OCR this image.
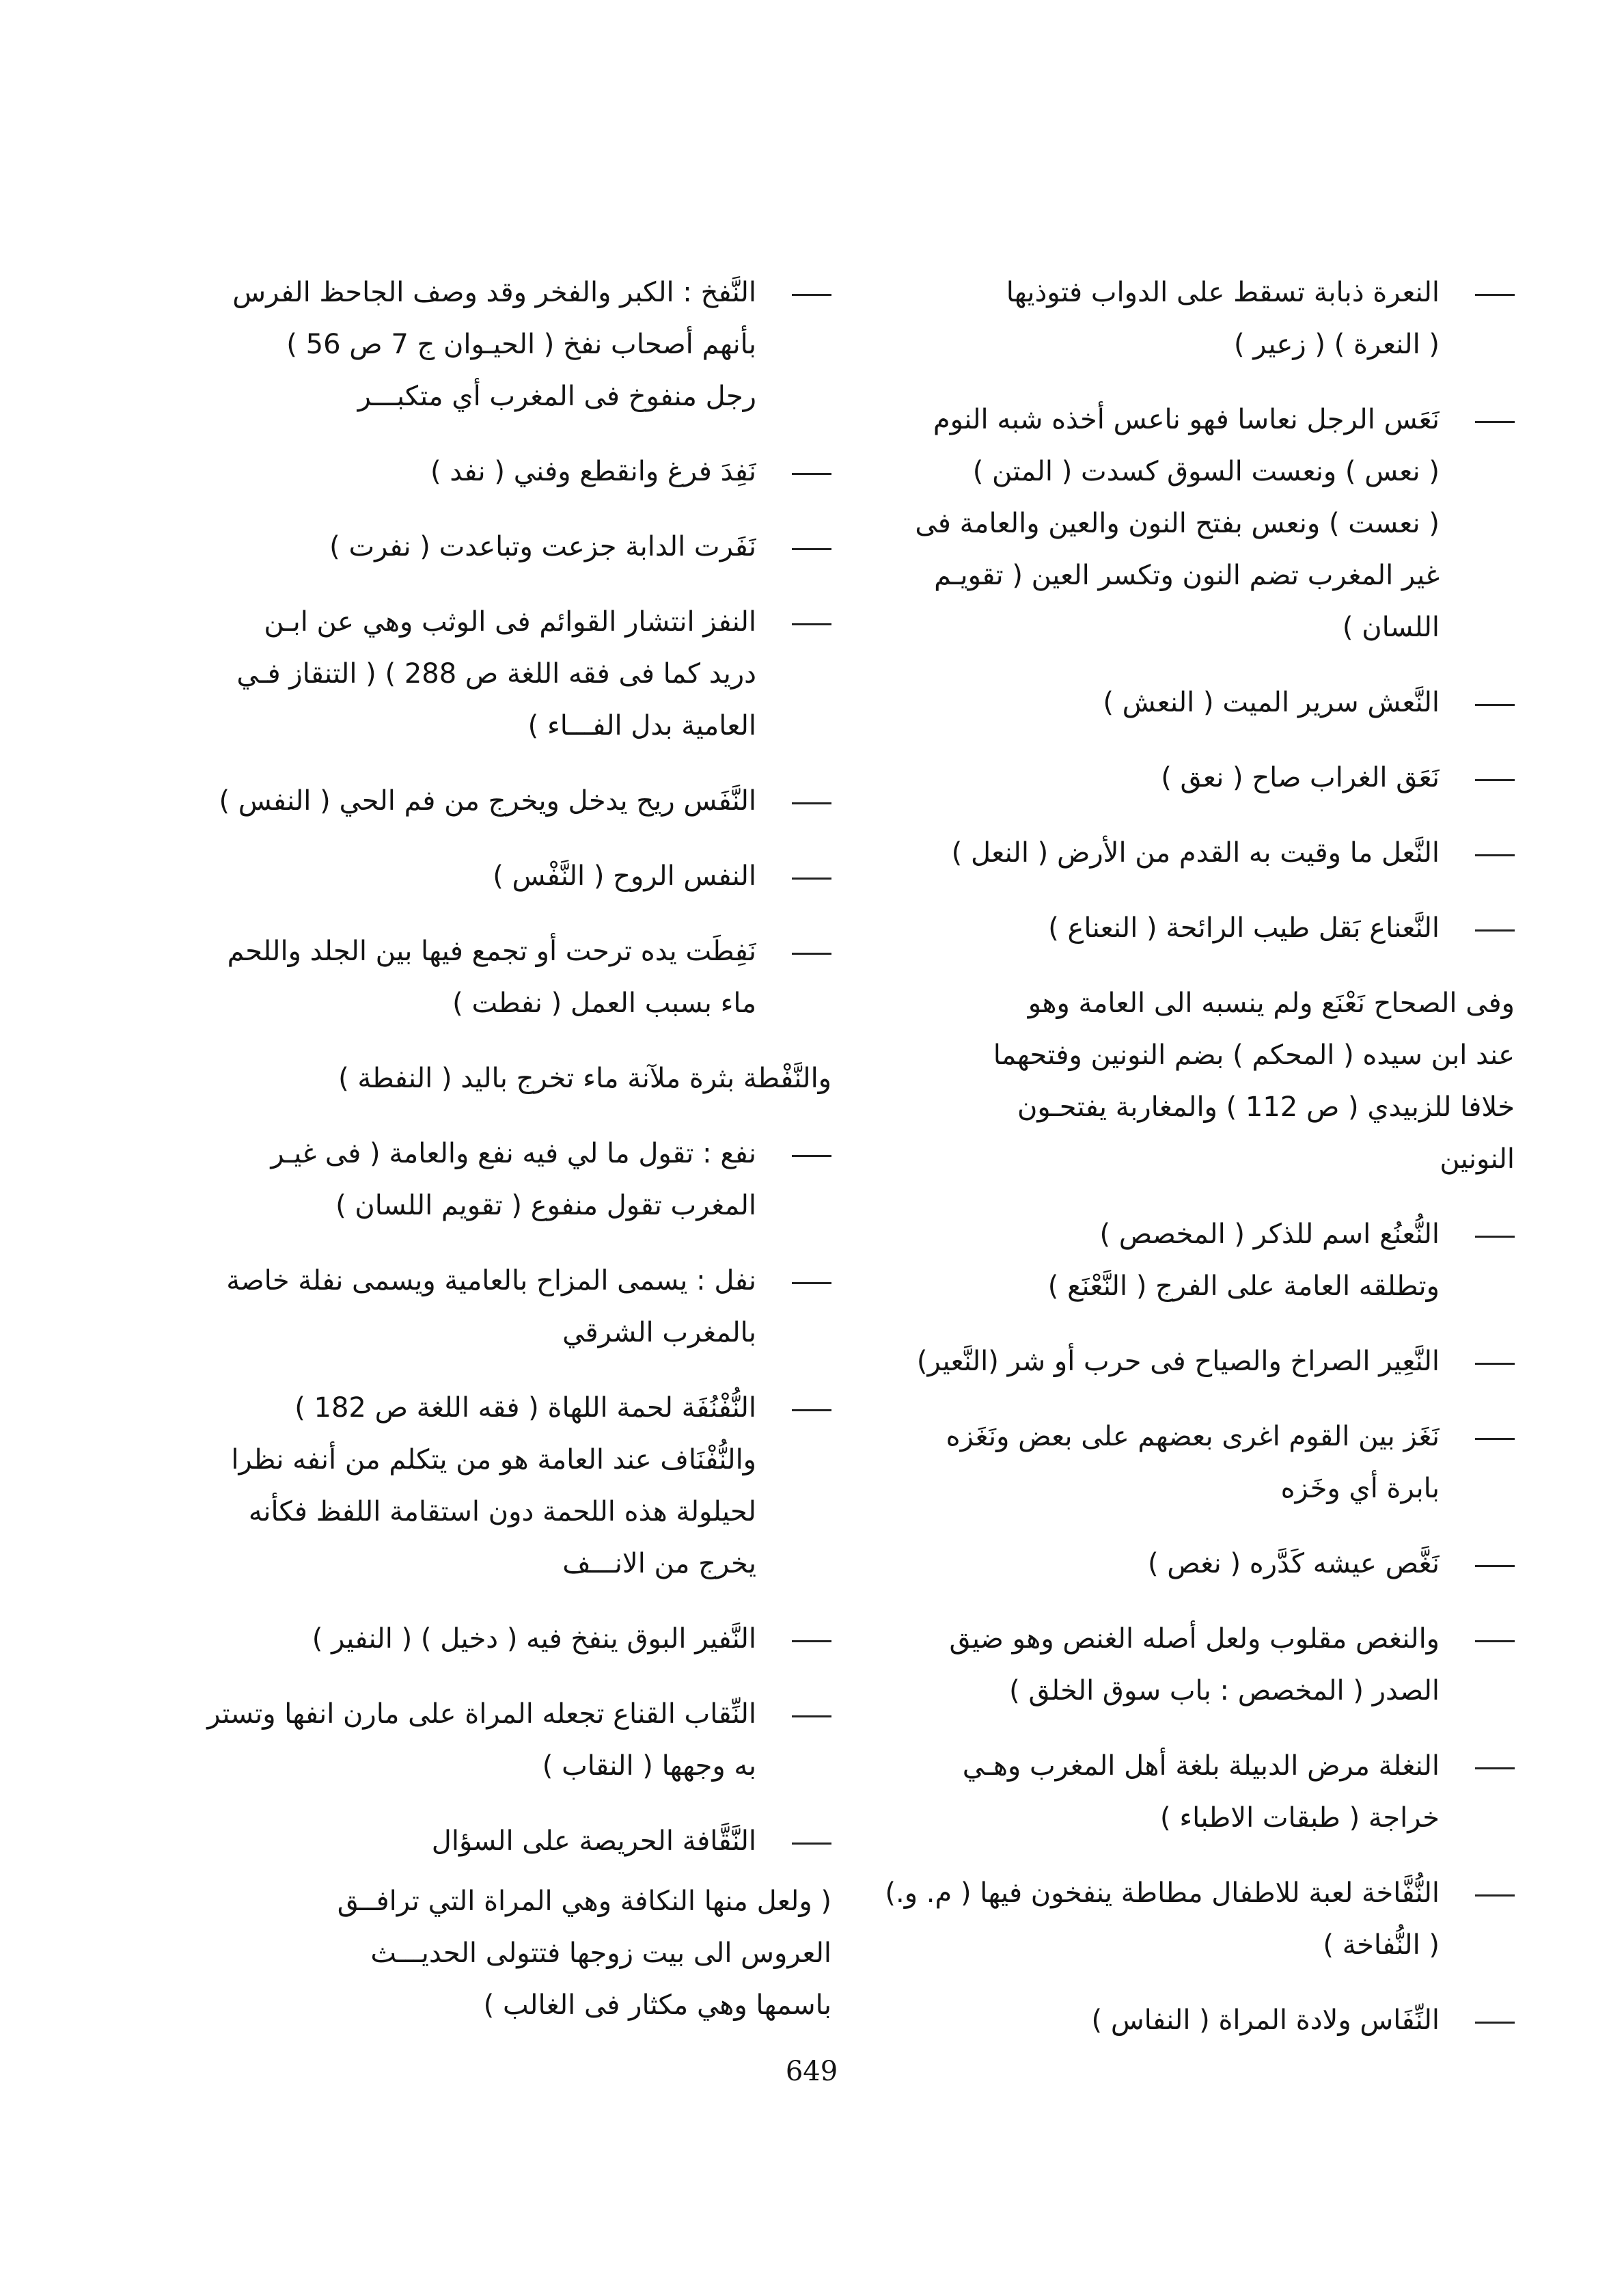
النعرة ذبابة تسقط على الدواب فتوذيها
( النعرة ) ( زعير )
نَعَس الرجل نعاسا فهو ناعس أخذه شبه النوم
( نعس ) ونعست السوق كسدت ( المتن )
( نعست ) ونعس بفتح النون والعين والعامة فى
غير المغرب تضم النون وتكسر العين ( تقويـم
اللسان )
النَّعش سرير الميت ( النعش )
نَعَق الغراب صاح ( نعق )
النَّعل ما وقيت به القدم من الأرض ( النعل )
النَّعناع بَقل طيب الرائحة ( النعناع )
وفى الصحاح نَعْنَع ولم ينسبه الى العامة وهو
عند ابن سيده ( المحكم ) بضم النونين وفتحهما
خلافا للزبيدي ( ص 112 ) والمغاربة يفتحـون
النونين
النُّعنُع اسم للذكر ( المخصص )
وتطلقه العامة على الفرج ( النَّعْنَع )
النَّعِير الصراخ والصياح فى حرب أو شر (النَّعير)
نَغَز بين القوم اغرى بعضهم على بعض ونَغَزه
بابرة أي وخَزه
نَغَّص عيشه كَدَّره ( نغص )
والنغص مقلوب ولعل أصله الغنص وهو ضيق
الصدر ( المخصص : باب سوق الخلق )
النغلة مرض الدبيلة بلغة أهل المغرب وهـي
خراجة ( طبقات الاطباء )
النُّفَّاخة لعبة للاطفال مطاطة ينفخون فيها ( م. و.)
( النُّفاخة )
النِّفَاس ولادة المراة ( النفاس )
النَّفخ : الكبر والفخر وقد وصف الجاحظ الفرس
بأنهم أصحاب نفخ ( الحيـوان ج 7 ص 56 )
رجل منفوخ فى المغرب أي متكبـــر
نَفِدَ فرغ وانقطع وفني ( نفد )
نَفَرت الدابة جزعت وتباعدت ( نفرت )
النفز انتشار القوائم فى الوثب وهي عن ابـن
دريد كما فى فقه اللغة ص 288 ) ( التنقاز فـي
العامية بدل الفـــاء )
النَّفَس ريح يدخل ويخرج من فم الحي ( النفس )
النفس الروح ( النَّفْس )
نَفِطَت يده ترحت أو تجمع فيها بين الجلد واللحم
ماء بسبب العمل ( نفطت )
والنَّفْطة بثرة ملآنة ماء تخرج باليد ( النفطة )
نفع : تقول ما لي فيه نفع والعامة ( فى غيـر
المغرب تقول منفوع ( تقويم اللسان )
نفل : يسمى المزاح بالعامية ويسمى نفلة خاصة
بالمغرب الشرقي
النُّفْنُفَة لحمة اللهاة ( فقه اللغة ص 182 )
والنُّفْنَاف عند العامة هو من يتكلم من أنفه نظرا
لحيلولة هذه اللحمة دون استقامة اللفظ فكأنه
يخرج من الانـــف
النَّفير البوق ينفخ فيه ( دخيل ) ( النفير )
النِّقاب القناع تجعله المراة على مارن انفها وتستر
به وجهها ( النقاب )
النَّقَّافة الحريصة على السؤال
( ولعل منها النكافة وهي المراة التي ترافــق
العروس الى بيت زوجها فتتولى الحديـــث
باسمها وهي مكثار فى الغالب )
649
